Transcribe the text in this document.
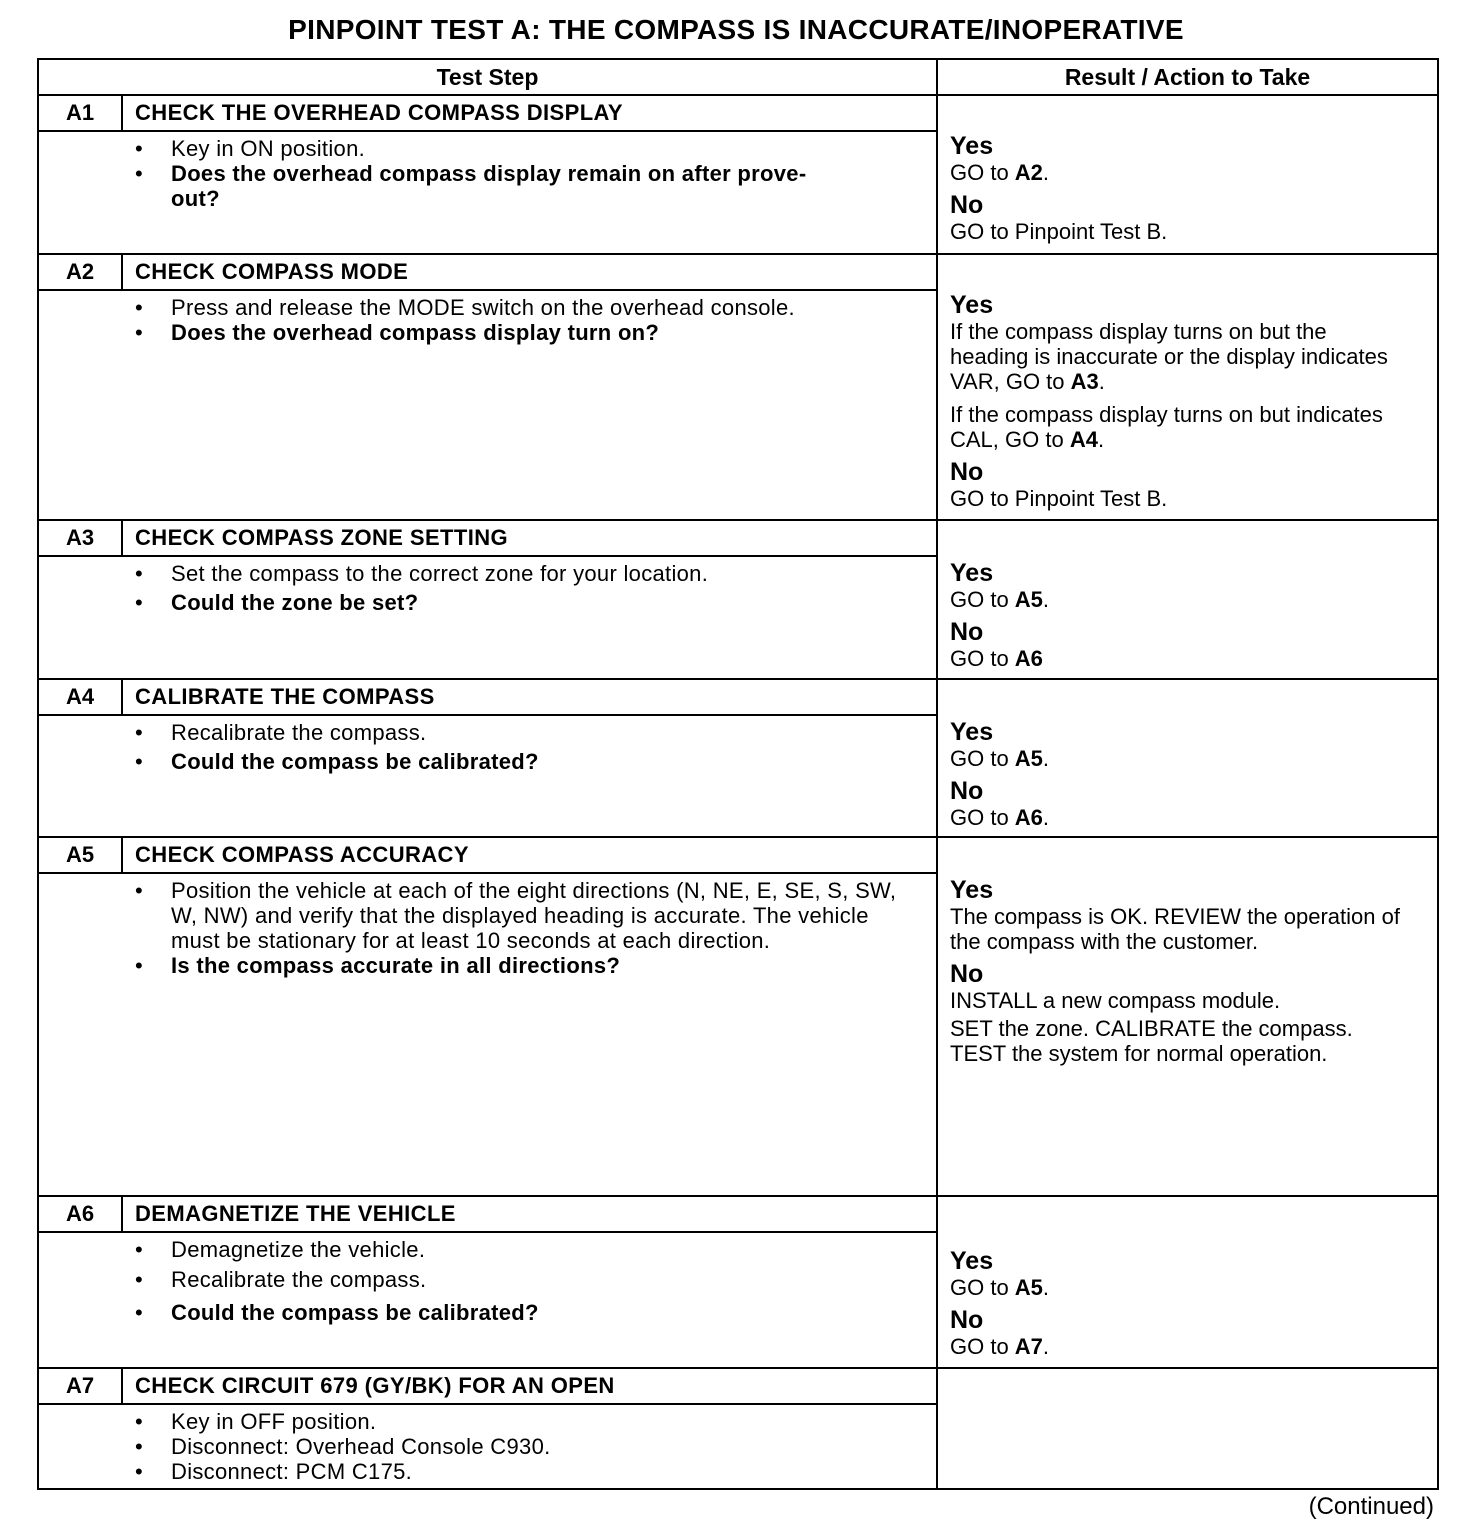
PINPOINT TEST A: THE COMPASS IS INACCURATE/INOPERATIVE
Test Step	Result / Action to Take
A1	CHECK THE OVERHEAD COMPASS DISPLAY
• Key in ON position.
• Does the overhead compass display remain on after prove-out?
Yes
GO to A2.
No
GO to Pinpoint Test B.
A2	CHECK COMPASS MODE
• Press and release the MODE switch on the overhead console.
• Does the overhead compass display turn on?
Yes
If the compass display turns on but the heading is inaccurate or the display indicates VAR, GO to A3.
If the compass display turns on but indicates CAL, GO to A4.
No
GO to Pinpoint Test B.
A3	CHECK COMPASS ZONE SETTING
• Set the compass to the correct zone for your location.
• Could the zone be set?
Yes
GO to A5.
No
GO to A6
A4	CALIBRATE THE COMPASS
• Recalibrate the compass.
• Could the compass be calibrated?
Yes
GO to A5.
No
GO to A6.
A5	CHECK COMPASS ACCURACY
• Position the vehicle at each of the eight directions (N, NE, E, SE, S, SW, W, NW) and verify that the displayed heading is accurate. The vehicle must be stationary for at least 10 seconds at each direction.
• Is the compass accurate in all directions?
Yes
The compass is OK. REVIEW the operation of the compass with the customer.
No
INSTALL a new compass module.
SET the zone. CALIBRATE the compass.
TEST the system for normal operation.
A6	DEMAGNETIZE THE VEHICLE
• Demagnetize the vehicle.
• Recalibrate the compass.
• Could the compass be calibrated?
Yes
GO to A5.
No
GO to A7.
A7	CHECK CIRCUIT 679 (GY/BK) FOR AN OPEN
• Key in OFF position.
• Disconnect: Overhead Console C930.
• Disconnect: PCM C175.
(Continued)
